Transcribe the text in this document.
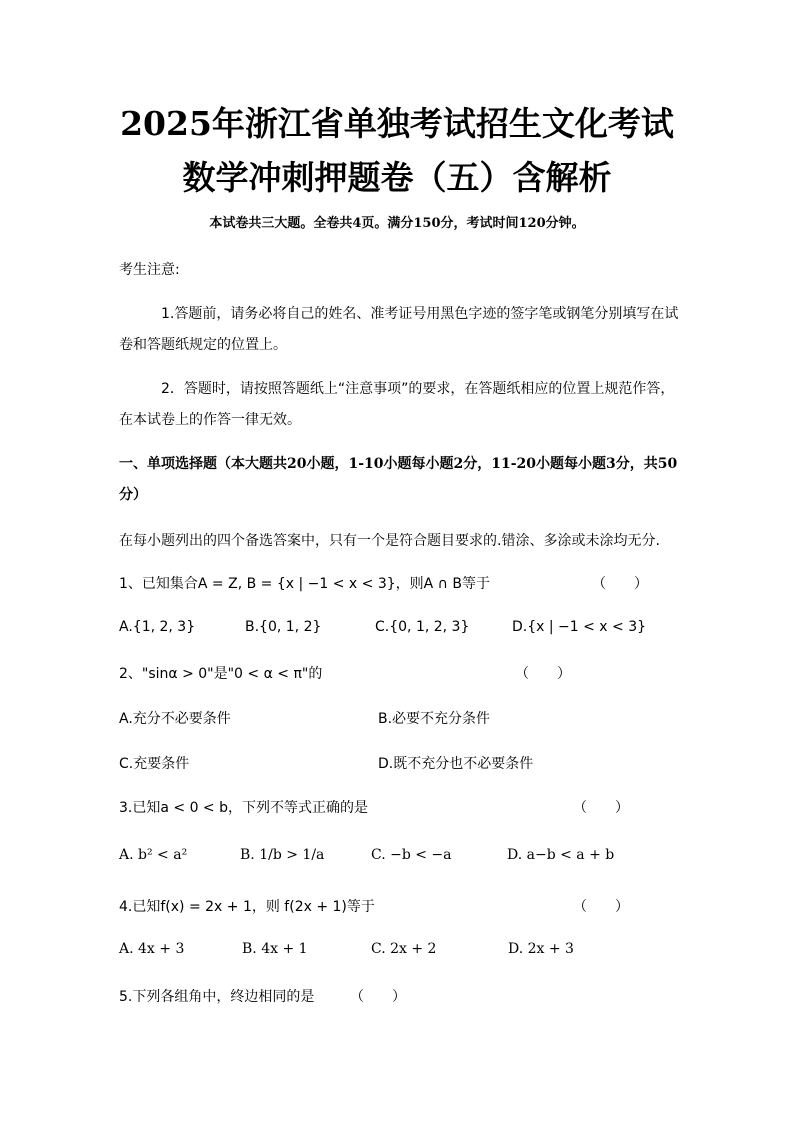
2025年浙江省单独考试招生文化考试
数学冲刺押题卷（五）含解析
本试卷共三大题。全卷共4页。满分150分，考试时间120分钟。
考生注意:
1.答题前，请务必将自己的姓名、准考证号用黑色字迹的签字笔或钢笔分别填写在试
卷和答题纸规定的位置上。
2．答题时，请按照答题纸上“注意事项”的要求，在答题纸相应的位置上规范作答，
在本试卷上的作答一律无效。
一、单项选择题（本大题共20小题，1-10小题每小题2分，11-20小题每小题3分，共50
分）
在每小题列出的四个备选答案中，只有一个是符合题目要求的.错涂、多涂或未涂均无分.
1、已知集合A = Z, B = {x | −1 < x < 3}，则A ∩ B等于	（　　）
A.{1, 2, 3}	B.{0, 1, 2}	C.{0, 1, 2, 3}	D.{x | −1 < x < 3}
2、"sinα > 0"是"0 < α < π"的	（　　）
A.充分不必要条件	B.必要不充分条件
C.充要条件	D.既不充分也不必要条件
3.已知a < 0 < b，下列不等式正确的是	（　　）
A. b² < a²	B. 1/b > 1/a	C. −b < −a	D. a−b < a + b
4.已知f(x) = 2x + 1，则 f(2x + 1)等于	（　　）
A. 4x + 3	B. 4x + 1	C. 2x + 2	D. 2x + 3
5.下列各组角中，终边相同的是	（　　）
